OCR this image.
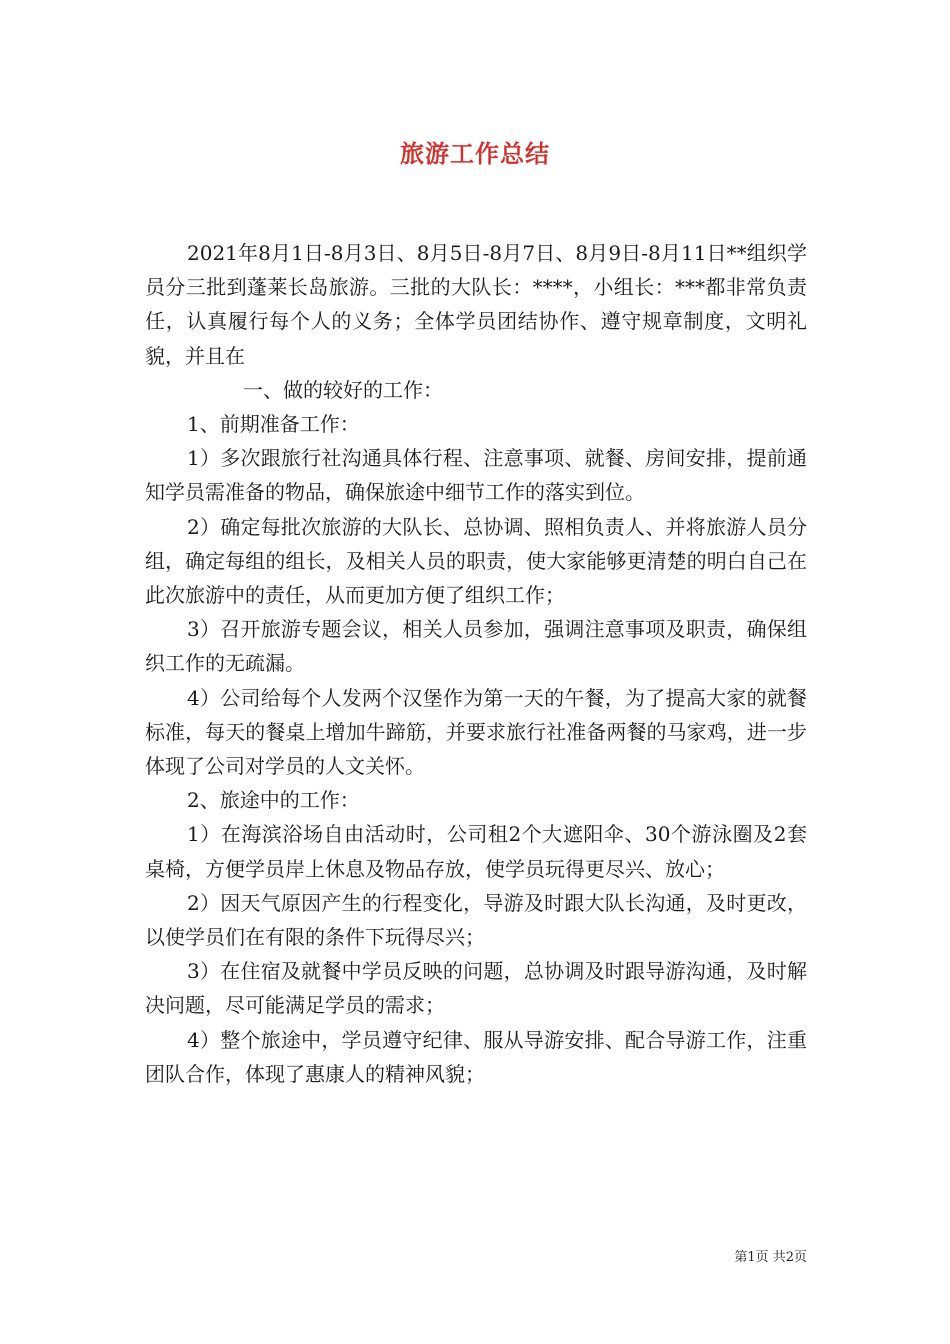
旅游工作总结

2021年8月1日-8月3日、8月5日-8月7日、8月9日-8月11日**组织学员分三批到蓬莱长岛旅游。三批的大队长：****，小组长：***都非常负责任，认真履行每个人的义务；全体学员团结协作、遵守规章制度，文明礼貌，并且在

一、做的较好的工作：

1、前期准备工作：

1）多次跟旅行社沟通具体行程、注意事项、就餐、房间安排，提前通知学员需准备的物品，确保旅途中细节工作的落实到位。

2）确定每批次旅游的大队长、总协调、照相负责人、并将旅游人员分组，确定每组的组长，及相关人员的职责，使大家能够更清楚的明白自己在此次旅游中的责任，从而更加方便了组织工作；

3）召开旅游专题会议，相关人员参加，强调注意事项及职责，确保组织工作的无疏漏。

4）公司给每个人发两个汉堡作为第一天的午餐，为了提高大家的就餐标准，每天的餐桌上增加牛蹄筋，并要求旅行社准备两餐的马家鸡，进一步体现了公司对学员的人文关怀。

2、旅途中的工作：

1）在海滨浴场自由活动时，公司租2个大遮阳伞、30个游泳圈及2套桌椅，方便学员岸上休息及物品存放，使学员玩得更尽兴、放心；

2）因天气原因产生的行程变化，导游及时跟大队长沟通，及时更改，以使学员们在有限的条件下玩得尽兴；

3）在住宿及就餐中学员反映的问题，总协调及时跟导游沟通，及时解决问题，尽可能满足学员的需求；

4）整个旅途中，学员遵守纪律、服从导游安排、配合导游工作，注重团队合作，体现了惠康人的精神风貌；

第1页 共2页
